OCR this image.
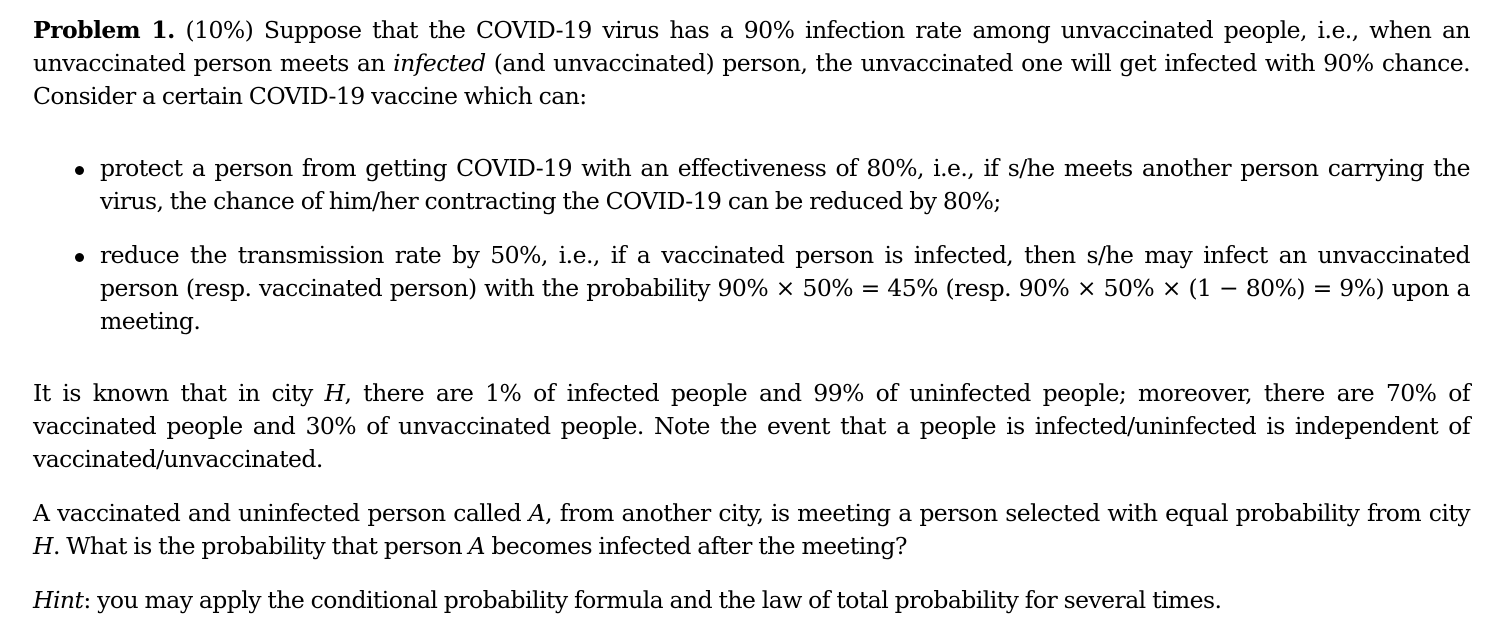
Problem 1. (10%) Suppose that the COVID-19 virus has a 90% infection rate among unvaccinated people, i.e., when an unvaccinated person meets an infected (and unvaccinated) person, the unvaccinated one will get infected with 90% chance. Consider a certain COVID-19 vaccine which can:

protect a person from getting COVID-19 with an effectiveness of 80%, i.e., if s/he meets another person carrying the virus, the chance of him/her contracting the COVID-19 can be reduced by 80%;
reduce the transmission rate by 50%, i.e., if a vaccinated person is infected, then s/he may infect an unvaccinated person (resp. vaccinated person) with the probability 90% × 50% = 45% (resp. 90% × 50% × (1 − 80%) = 9%) upon a meeting.

It is known that in city H, there are 1% of infected people and 99% of uninfected people; moreover, there are 70% of vaccinated people and 30% of unvaccinated people. Note the event that a people is infected/uninfected is independent of vaccinated/unvaccinated.

A vaccinated and uninfected person called A, from another city, is meeting a person selected with equal probability from city H. What is the probability that person A becomes infected after the meeting?

Hint: you may apply the conditional probability formula and the law of total probability for several times.
